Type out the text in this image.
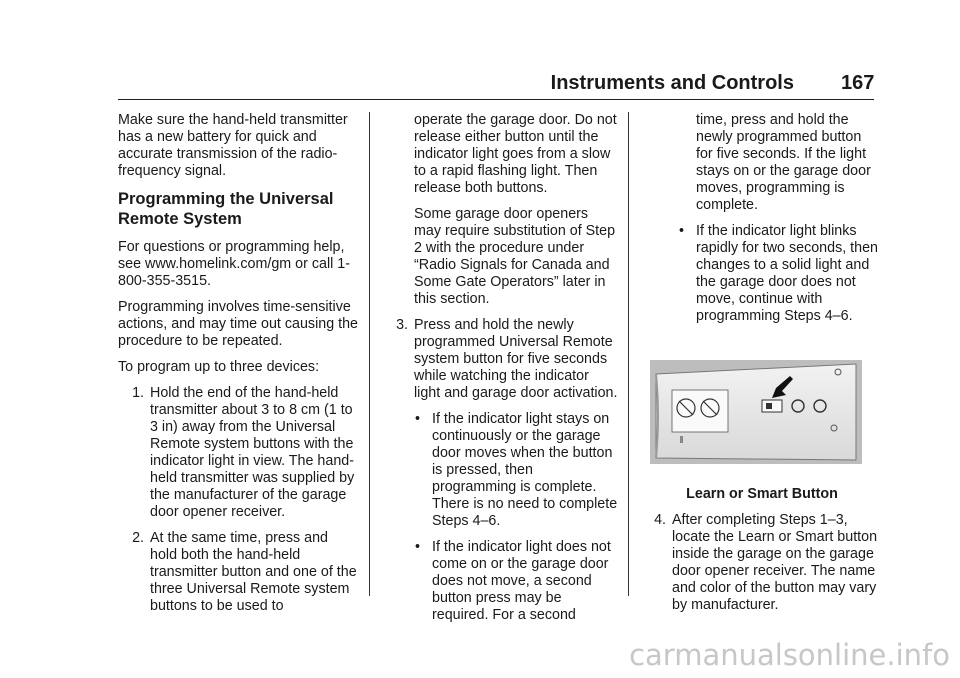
Instruments and Controls 167

Make sure the hand-held transmitter has a new battery for quick and accurate transmission of the radio-frequency signal.

Programming the Universal Remote System

For questions or programming help, see www.homelink.com/gm or call 1-800-355-3515.

Programming involves time-sensitive actions, and may time out causing the procedure to be repeated.

To program up to three devices:

1. Hold the end of the hand-held transmitter about 3 to 8 cm (1 to 3 in) away from the Universal Remote system buttons with the indicator light in view. The hand-held transmitter was supplied by the manufacturer of the garage door opener receiver.
2. At the same time, press and hold both the hand-held transmitter button and one of the three Universal Remote system buttons to be used to

operate the garage door. Do not release either button until the indicator light goes from a slow to a rapid flashing light. Then release both buttons.

Some garage door openers may require substitution of Step 2 with the procedure under “Radio Signals for Canada and Some Gate Operators” later in this section.

3. Press and hold the newly programmed Universal Remote system button for five seconds while watching the indicator light and garage door activation.
• If the indicator light stays on continuously or the garage door moves when the button is pressed, then programming is complete. There is no need to complete Steps 4–6.
• If the indicator light does not come on or the garage door does not move, a second button press may be required. For a second

time, press and hold the newly programmed button for five seconds. If the light stays on or the garage door moves, programming is complete.

• If the indicator light blinks rapidly for two seconds, then changes to a solid light and the garage door does not move, continue with programming Steps 4–6.
Learn or Smart Button
4. After completing Steps 1–3, locate the Learn or Smart button inside the garage on the garage door opener receiver. The name and color of the button may vary by manufacturer.
carmanualsonline.info
